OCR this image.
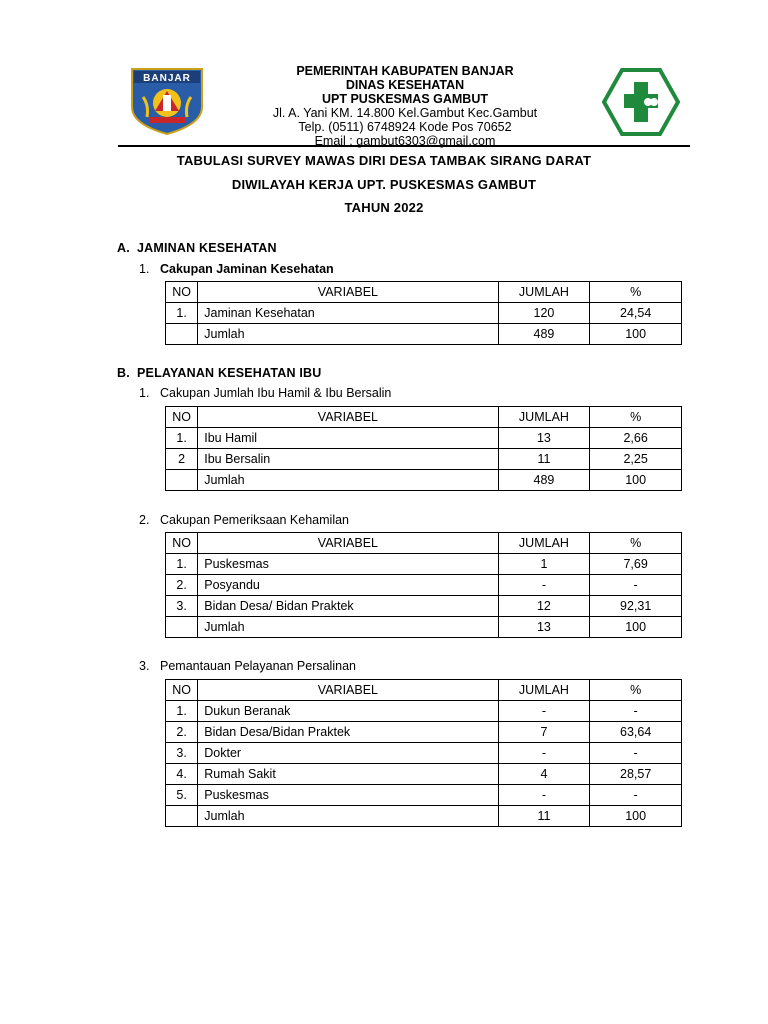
BANJAR
PEMERINTAH KABUPATEN BANJAR
DINAS KESEHATAN
UPT PUSKESMAS GAMBUT
Jl. A. Yani KM. 14.800 Kel.Gambut Kec.Gambut
Telp. (0511) 6748924 Kode Pos 70652
Email : gambut6303@gmail.com
TABULASI SURVEY MAWAS DIRI DESA TAMBAK SIRANG DARAT
DIWILAYAH KERJA UPT. PUSKESMAS GAMBUT
TAHUN 2022
A. JAMINAN KESEHATAN
1. Cakupan Jaminan Kesehatan
NO	VARIABEL	JUMLAH	%
1.	Jaminan Kesehatan	120	24,54
	Jumlah	489	100
B. PELAYANAN KESEHATAN IBU
1. Cakupan Jumlah Ibu Hamil & Ibu Bersalin
NO	VARIABEL	JUMLAH	%
1.	Ibu Hamil	13	2,66
2	Ibu Bersalin	11	2,25
	Jumlah	489	100
2. Cakupan Pemeriksaan Kehamilan
NO	VARIABEL	JUMLAH	%
1.	Puskesmas	1	7,69
2.	Posyandu	-	-
3.	Bidan Desa/ Bidan Praktek	12	92,31
	Jumlah	13	100
3. Pemantauan Pelayanan Persalinan
NO	VARIABEL	JUMLAH	%
1.	Dukun Beranak	-	-
2.	Bidan Desa/Bidan Praktek	7	63,64
3.	Dokter	-	-
4.	Rumah Sakit	4	28,57
5.	Puskesmas	-	-
	Jumlah	11	100
